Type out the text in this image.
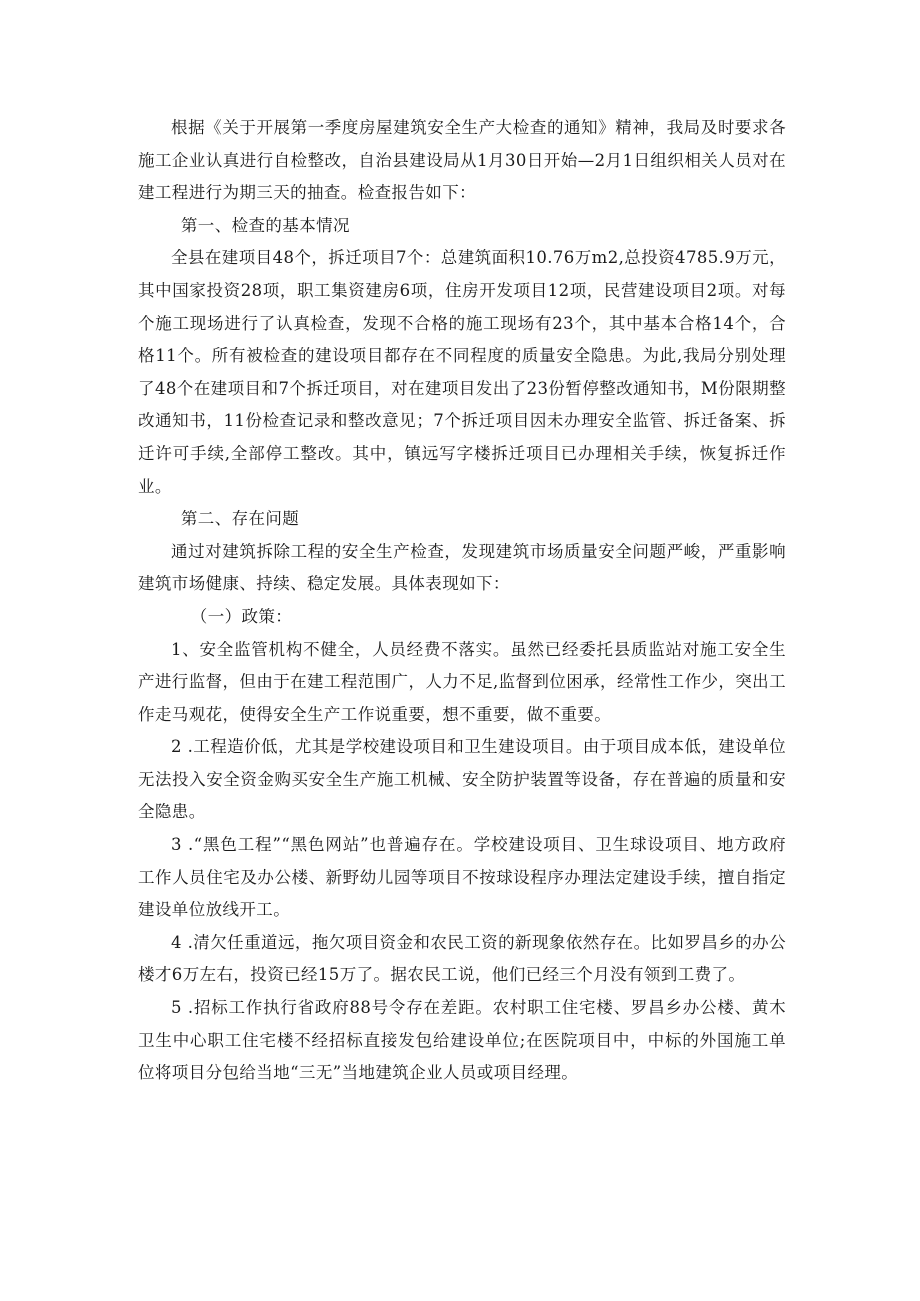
根据《关于开展第一季度房屋建筑安全生产大检查的通知》精神，我局及时要求各施工企业认真进行自检整改，自治县建设局从1月30日开始—2月1日组织相关人员对在建工程进行为期三天的抽查。检查报告如下：

第一、检查的基本情况

全县在建项目48个，拆迁项目7个：总建筑面积10.76万m2,总投资4785.9万元，其中国家投资28项，职工集资建房6项，住房开发项目12项，民营建设项目2项。对每个施工现场进行了认真检查，发现不合格的施工现场有23个，其中基本合格14个，合格11个。所有被检查的建设项目都存在不同程度的质量安全隐患。为此,我局分别处理了48个在建项目和7个拆迁项目，对在建项目发出了23份暂停整改通知书，M份限期整改通知书，11份检查记录和整改意见；7个拆迁项目因未办理安全监管、拆迁备案、拆迁许可手续,全部停工整改。其中，镇远写字楼拆迁项目已办理相关手续，恢复拆迁作业。

第二、存在问题

通过对建筑拆除工程的安全生产检查，发现建筑市场质量安全问题严峻，严重影响建筑市场健康、持续、稳定发展。具体表现如下：

（一）政策：

1、安全监管机构不健全，人员经费不落实。虽然已经委托县质监站对施工安全生产进行监督，但由于在建工程范围广，人力不足,监督到位困承，经常性工作少，突出工作走马观花，使得安全生产工作说重要，想不重要，做不重要。

2 .工程造价低，尤其是学校建设项目和卫生建设项目。由于项目成本低，建设单位无法投入安全资金购买安全生产施工机械、安全防护装置等设备，存在普遍的质量和安全隐患。

3 .“黑色工程”“黑色网站”也普遍存在。学校建设项目、卫生球设项目、地方政府工作人员住宅及办公楼、新野幼儿园等项目不按球设程序办理法定建设手续，擅自指定建设单位放线开工。

4 .清欠任重道远，拖欠项目资金和农民工资的新现象依然存在。比如罗昌乡的办公楼才6万左右，投资已经15万了。据农民工说，他们已经三个月没有领到工费了。

5 .招标工作执行省政府88号令存在差距。农村职工住宅楼、罗昌乡办公楼、黄木卫生中心职工住宅楼不经招标直接发包给建设单位;在医院项目中，中标的外国施工单位将项目分包给当地“三无”当地建筑企业人员或项目经理。
